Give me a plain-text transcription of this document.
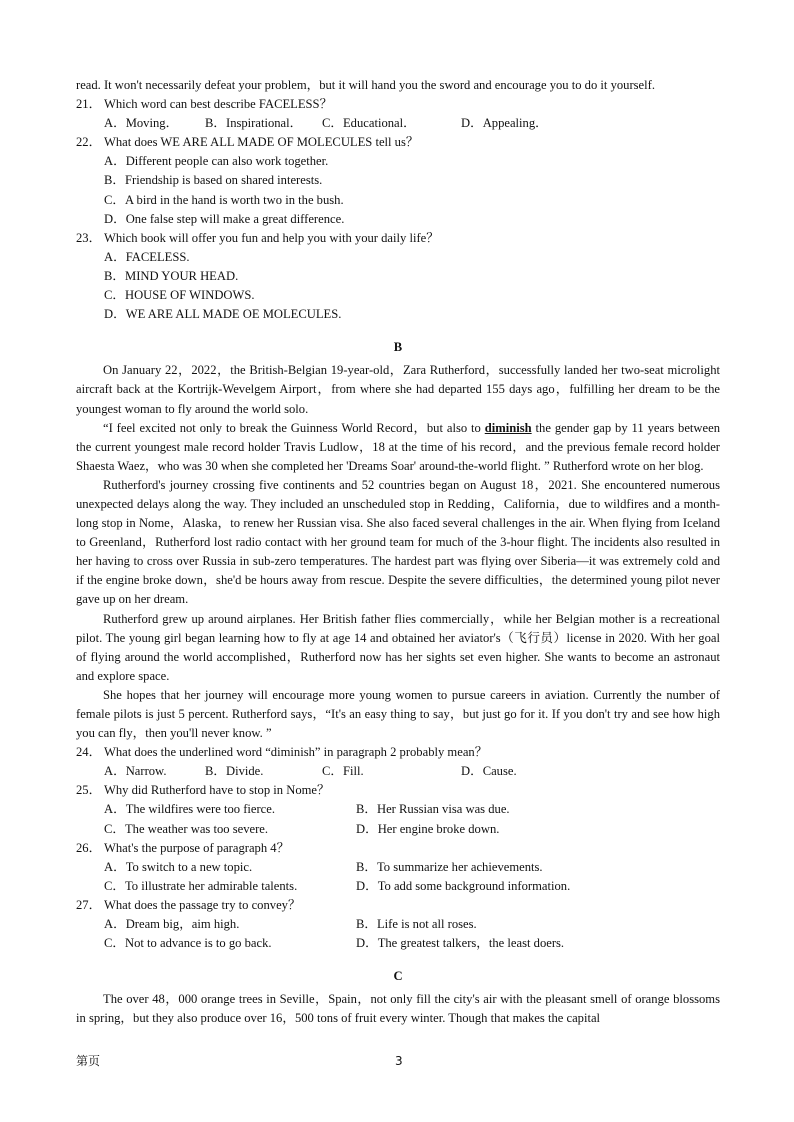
read. It won't necessarily defeat your problem，but it will hand you the sword and encourage you to do it yourself.

21． Which word can best describe FACELESS？
A．Moving．	B．Inspirational．	C．Educational．	D．Appealing．
22． What does WE ARE ALL MADE OF MOLECULES tell us？
A．Different people can also work together.
B．Friendship is based on shared interests.
C．A bird in the hand is worth two in the bush.
D．One false step will make a great difference.
23． Which book will offer you fun and help you with your daily life？
A．FACELESS.
B．MIND YOUR HEAD.
C．HOUSE OF WINDOWS.
D．WE ARE ALL MADE OE MOLECULES.

B

On January 22，2022，the British-Belgian 19-year-old，Zara Rutherford，successfully landed her two-seat microlight aircraft back at the Kortrijk-Wevelgem Airport，from where she had departed 155 days ago，fulfilling her dream to be the youngest woman to fly around the world solo.

“I feel excited not only to break the Guinness World Record，but also to diminish the gender gap by 11 years between the current youngest male record holder Travis Ludlow，18 at the time of his record，and the previous female record holder Shaesta Waez，who was 30 when she completed her 'Dreams Soar' around-the-world flight. ” Rutherford wrote on her blog.

Rutherford's journey crossing five continents and 52 countries began on August 18，2021. She encountered numerous unexpected delays along the way. They included an unscheduled stop in Redding，California，due to wildfires and a month-long stop in Nome，Alaska，to renew her Russian visa. She also faced several challenges in the air. When flying from Iceland to Greenland，Rutherford lost radio contact with her ground team for much of the 3-hour flight. The incidents also resulted in her having to cross over Russia in sub-zero temperatures. The hardest part was flying over Siberia—it was extremely cold and if the engine broke down，she'd be hours away from rescue. Despite the severe difficulties，the determined young pilot never gave up on her dream.

Rutherford grew up around airplanes. Her British father flies commercially，while her Belgian mother is a recreational pilot. The young girl began learning how to fly at age 14 and obtained her aviator's（飞行员）license in 2020. With her goal of flying around the world accomplished，Rutherford now has her sights set even higher. She wants to become an astronaut and explore space.

She hopes that her journey will encourage more young women to pursue careers in aviation. Currently the number of female pilots is just 5 percent. Rutherford says，“It's an easy thing to say，but just go for it. If you don't try and see how high you can fly，then you'll never know. ”

24． What does the underlined word “diminish” in paragraph 2 probably mean？
A．Narrow.	B．Divide.	C．Fill.	D．Cause.
25． Why did Rutherford have to stop in Nome？
A．The wildfires were too fierce.	B．Her Russian visa was due.
C．The weather was too severe.	D．Her engine broke down.
26． What's the purpose of paragraph 4？
A．To switch to a new topic.	B．To summarize her achievements.
C．To illustrate her admirable talents.	D．To add some background information.
27． What does the passage try to convey？
A．Dream big，aim high.	B．Life is not all roses.
C．Not to advance is to go back.	D．The greatest talkers，the least doers.

C

The over 48，000 orange trees in Seville，Spain，not only fill the city's air with the pleasant smell of orange blossoms in spring，but they also produce over 16，500 tons of fruit every winter. Though that makes the capital

第页	3
